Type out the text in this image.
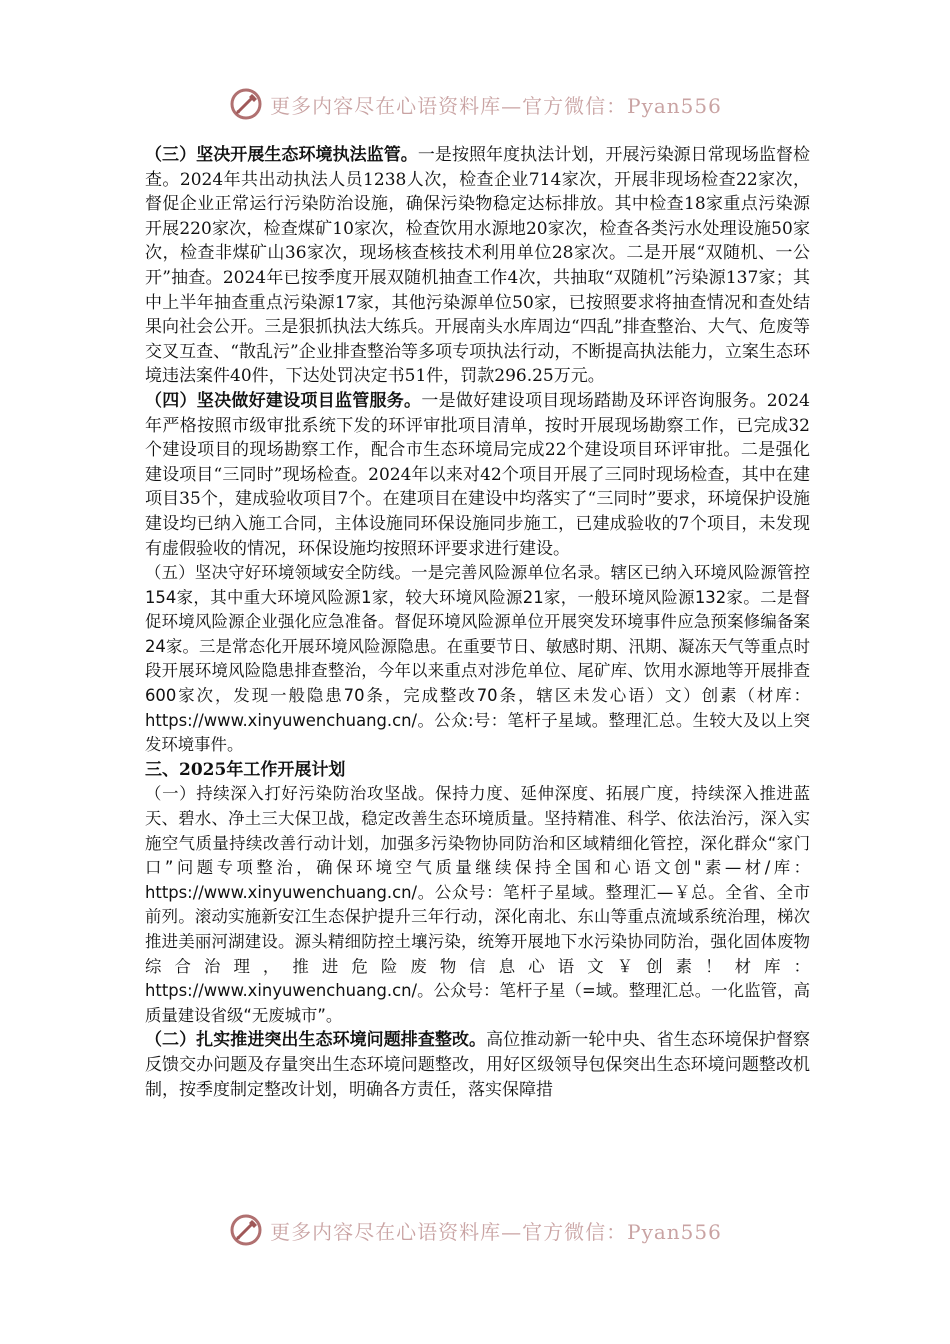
更多内容尽在心语资料库—官方微信：Pyan556

（三）坚决开展生态环境执法监管。一是按照年度执法计划，开展污染源日常现场监督检查。2024年共出动执法人员1238人次，检查企业714家次，开展非现场检查22家次，督促企业正常运行污染防治设施，确保污染物稳定达标排放。其中检查18家重点污染源开展220家次，检查煤矿10家次，检查饮用水源地20家次，检查各类污水处理设施50家次，检查非煤矿山36家次，现场核查核技术利用单位28家次。二是开展“双随机、一公开”抽查。2024年已按季度开展双随机抽查工作4次，共抽取“双随机”污染源137家；其中上半年抽查重点污染源17家，其他污染源单位50家，已按照要求将抽查情况和查处结果向社会公开。三是狠抓执法大练兵。开展南头水库周边“四乱”排查整治、大气、危废等交叉互查、“散乱污”企业排查整治等多项专项执法行动，不断提高执法能力，立案生态环境违法案件40件，下达处罚决定书51件，罚款296.25万元。

（四）坚决做好建设项目监管服务。一是做好建设项目现场踏勘及环评咨询服务。2024年严格按照市级审批系统下发的环评审批项目清单，按时开展现场勘察工作，已完成32个建设项目的现场勘察工作，配合市生态环境局完成22个建设项目环评审批。二是强化建设项目“三同时”现场检查。2024年以来对42个项目开展了三同时现场检查，其中在建项目35个，建成验收项目7个。在建项目在建设中均落实了“三同时”要求，环境保护设施建设均已纳入施工合同，主体设施同环保设施同步施工，已建成验收的7个项目，未发现有虚假验收的情况，环保设施均按照环评要求进行建设。

（五）坚决守好环境领域安全防线。一是完善风险源单位名录。辖区已纳入环境风险源管控154家，其中重大环境风险源1家，较大环境风险源21家，一般环境风险源132家。二是督促环境风险源企业强化应急准备。督促环境风险源单位开展突发环境事件应急预案修编备案24家。三是常态化开展环境风险源隐患。在重要节日、敏感时期、汛期、凝冻天气等重点时段开展环境风险隐患排查整治，今年以来重点对涉危单位、尾矿库、饮用水源地等开展排查600家次，发现一般隐患70条，完成整改70条，辖区未发心语）文）创素（材库：https://www.xinyuwenchuang.cn/。公众:号：笔杆子星域。整理汇总。生较大及以上突发环境事件。

三、2025年工作开展计划

（一）持续深入打好污染防治攻坚战。保持力度、延伸深度、拓展广度，持续深入推进蓝天、碧水、净土三大保卫战，稳定改善生态环境质量。坚持精准、科学、依法治污，深入实施空气质量持续改善行动计划，加强多污染物协同防治和区域精细化管控，深化群众“家门口”问题专项整治，确保环境空气质量继续保持全国和心语文创"素—材/库：https://www.xinyuwenchuang.cn/。公众号：笔杆子星域。整理汇—￥总。全省、全市前列。滚动实施新安江生态保护提升三年行动，深化南北、东山等重点流域系统治理，梯次推进美丽河湖建设。源头精细防控土壤污染，统筹开展地下水污染协同防治，强化固体废物综合治理，推进危险废物信息心语文￥创素！材库：https://www.xinyuwenchuang.cn/。公众号：笔杆子星（=域。整理汇总。一化监管，高质量建设省级“无废城市”。

（二）扎实推进突出生态环境问题排查整改。高位推动新一轮中央、省生态环境保护督察反馈交办问题及存量突出生态环境问题整改，用好区级领导包保突出生态环境问题整改机制，按季度制定整改计划，明确各方责任，落实保障措

更多内容尽在心语资料库—官方微信：Pyan556
